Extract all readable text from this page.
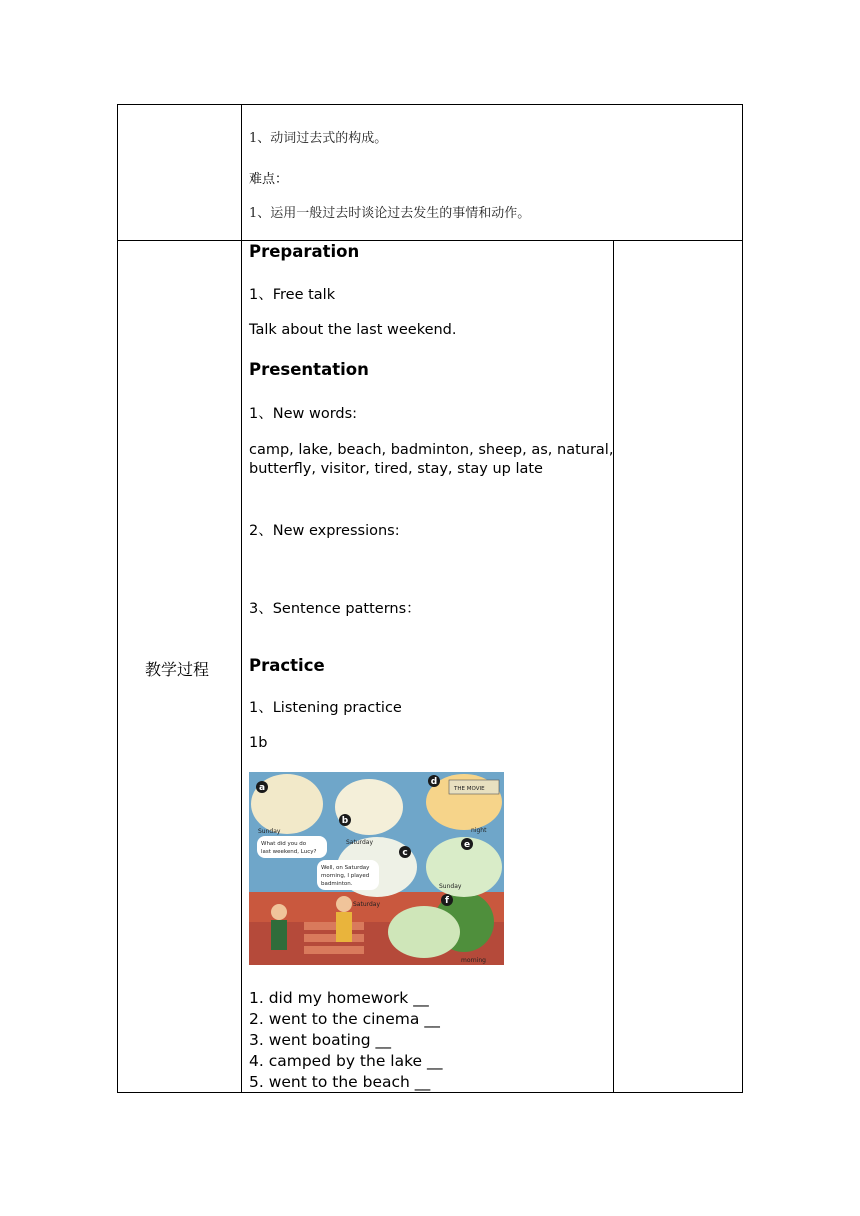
1、动词过去式的构成。
难点：
1、运用一般过去时谈论过去发生的事情和动作。
教学过程
Preparation
1、Free talk
Talk about the last weekend.
Presentation
1、New words:
camp, lake, beach, badminton, sheep, as, natural,
butterfly, visitor, tired, stay, stay up late
2、New expressions:
3、Sentence patterns：
Practice
1、Listening practice
1b
a
b
c
d
e
f
Sunday
Saturday
Saturday
night
Sunday
morning
THE MOVIE
What did you do
last weekend, Lucy?
Well, on Saturday
morning, I played
badminton.
1. did my homework __
2. went to the cinema __
3. went boating __
4. camped by the lake __
5. went to the beach __
